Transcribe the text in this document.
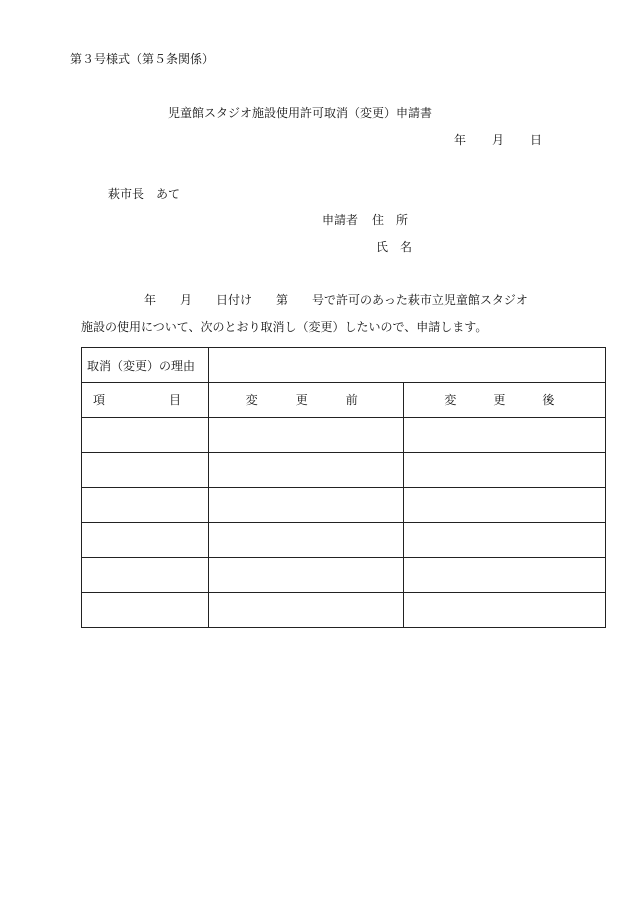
第３号様式（第５条関係）
児童館スタジオ施設使用許可取消（変更）申請書
年 月 日
萩市長　あて
申請者 住　所
氏　名
年　　月　　日付け　　第　　号で許可のあった萩市立児童館スタジオ
施設の使用について、次のとおり取消し（変更）したいので、申請します。
取消（変更）の理由		

項 目	変 更 前	変 更 後
